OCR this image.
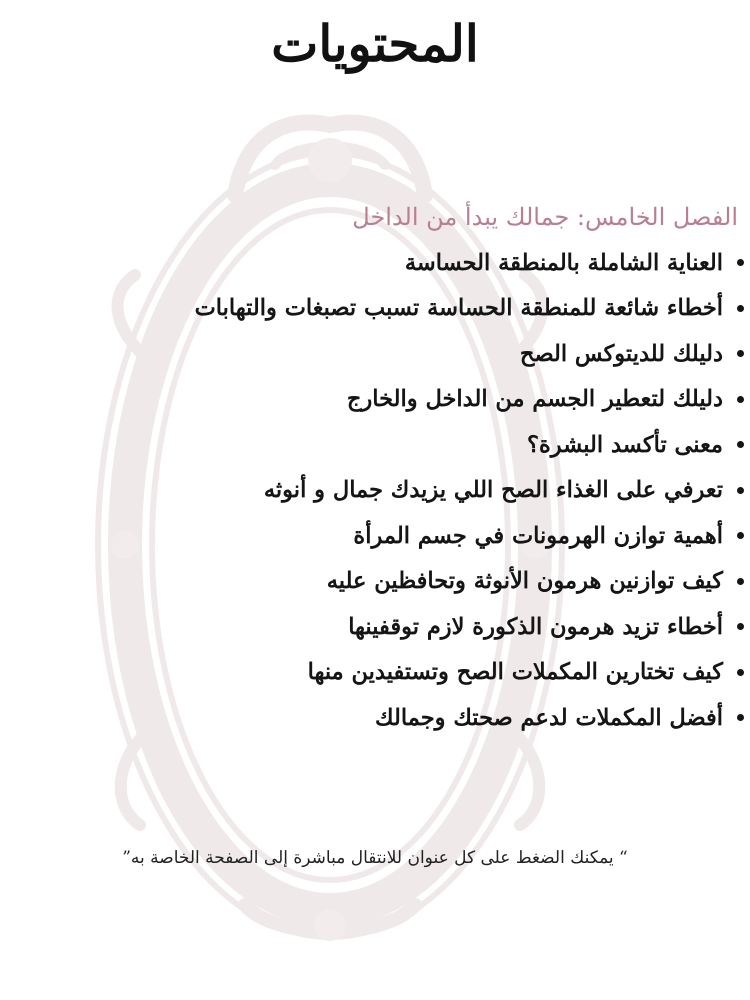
المحتويات
الفصل الخامس: جمالك يبدأ من الداخل
العناية الشاملة بالمنطقة الحساسة
أخطاء شائعة للمنطقة الحساسة تسبب تصبغات والتهابات
دليلك للديتوكس الصح
دليلك لتعطير الجسم من الداخل والخارج
معنى تأكسد البشرة؟
تعرفي على الغذاء الصح اللي يزيدك جمال و أنوثه
أهمية توازن الهرمونات في جسم المرأة
كيف توازنين هرمون الأنوثة وتحافظين عليه
أخطاء تزيد هرمون الذكورة لازم توقفينها
كيف تختارين المكملات الصح وتستفيدين منها
أفضل المكملات لدعم صحتك وجمالك
“ يمكنك الضغط على كل عنوان للانتقال مباشرة إلى الصفحة الخاصة به”
